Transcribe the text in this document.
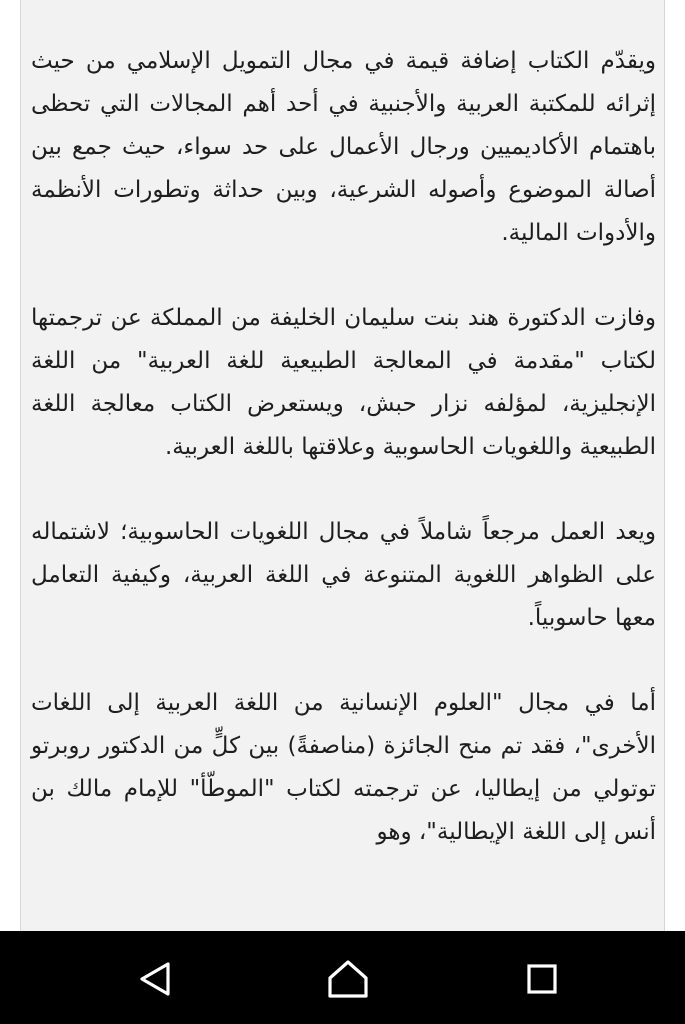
ويقدّم الكتاب إضافة قيمة في مجال التمويل الإسلامي من حيث إثرائه للمكتبة العربية والأجنبية في أحد أهم المجالات التي تحظى باهتمام الأكاديميين ورجال الأعمال على حد سواء، حيث جمع بين أصالة الموضوع وأصوله الشرعية، وبين حداثة وتطورات الأنظمة والأدوات المالية.

وفازت الدكتورة هند بنت سليمان الخليفة من المملكة عن ترجمتها لكتاب "مقدمة في المعالجة الطبيعية للغة العربية" من اللغة الإنجليزية، لمؤلفه نزار حبش، ويستعرض الكتاب معالجة اللغة الطبيعية واللغويات الحاسوبية وعلاقتها باللغة العربية.

ويعد العمل مرجعاً شاملاً في مجال اللغويات الحاسوبية؛ لاشتماله على الظواهر اللغوية المتنوعة في اللغة العربية، وكيفية التعامل معها حاسوبياً.

أما في مجال "العلوم الإنسانية من اللغة العربية إلى اللغات الأخرى"، فقد تم منح الجائزة (مناصفةً) بين كلٍّ من الدكتور روبرتو توتولي من إيطاليا، عن ترجمته لكتاب "الموطّأ" للإمام مالك بن أنس إلى اللغة الإيطالية"، وهو
